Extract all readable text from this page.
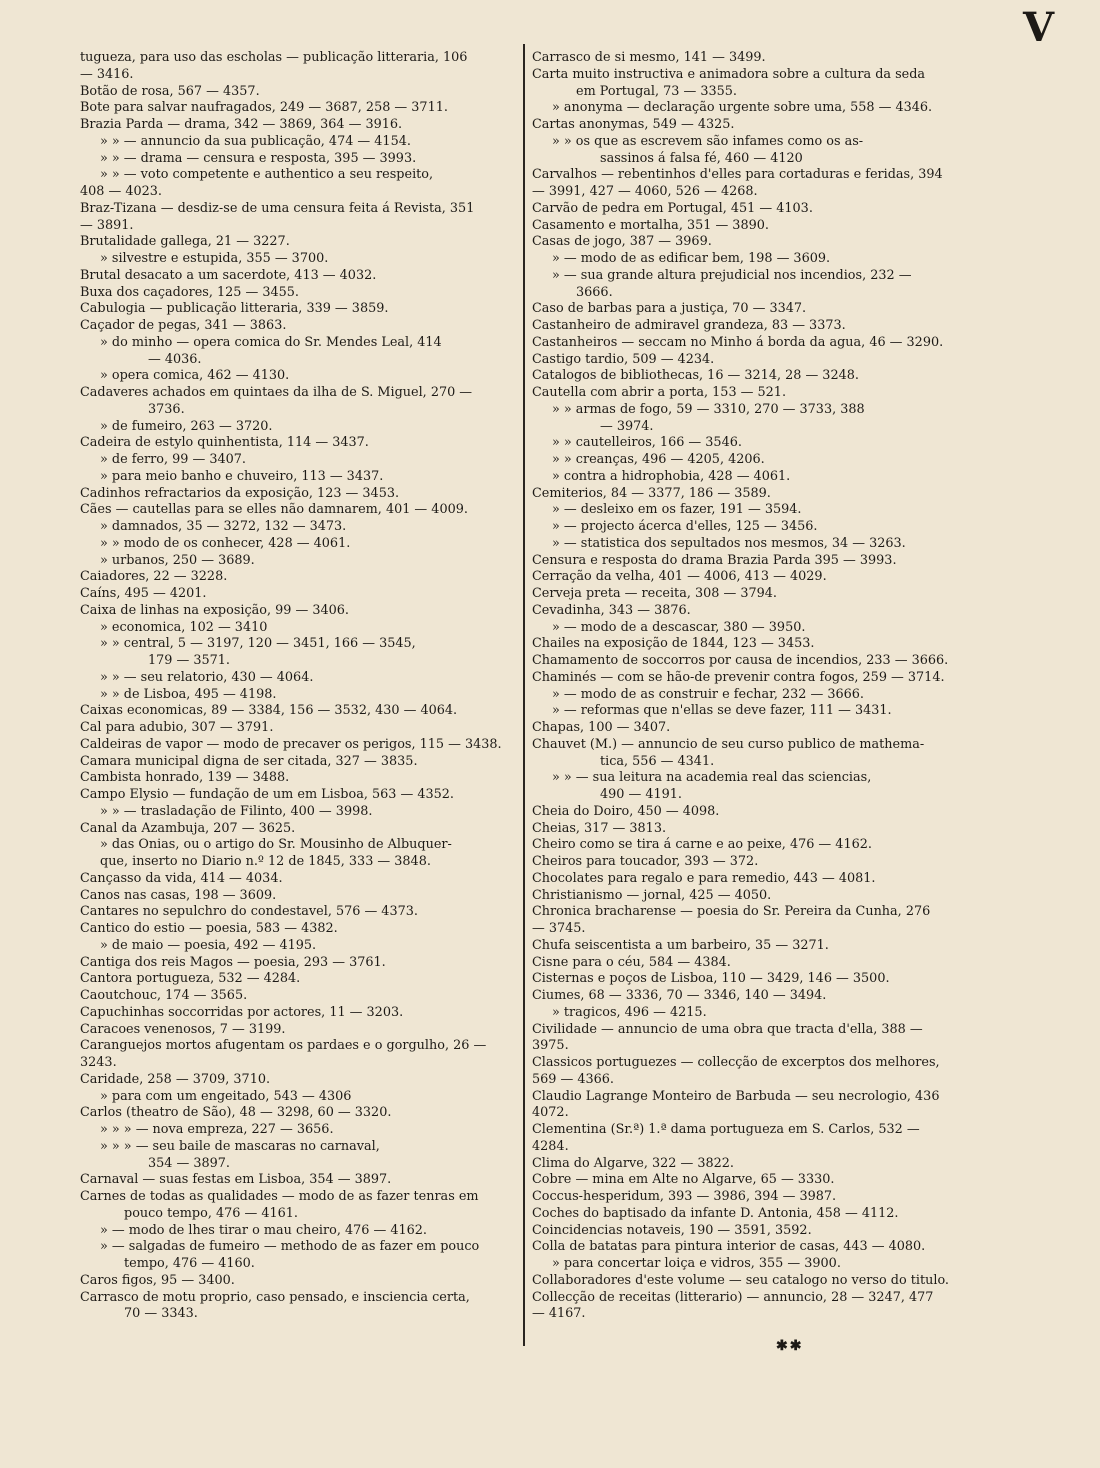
V
tugueza, para uso das escholas — publicação litteraria, 106
— 3416.
Botão de rosa, 567 — 4357.
Bote para salvar naufragados, 249 — 3687, 258 — 3711.
Brazia Parda — drama, 342 — 3869, 364 — 3916.
» » — annuncio da sua publicação, 474 — 4154.
» » — drama — censura e resposta, 395 — 3993.
» » — voto competente e authentico a seu respeito,
408 — 4023.
Braz-Tizana — desdiz-se de uma censura feita á Revista, 351
— 3891.
Brutalidade gallega, 21 — 3227.
» silvestre e estupida, 355 — 3700.
Brutal desacato a um sacerdote, 413 — 4032.
Buxa dos caçadores, 125 — 3455.
Cabulogia — publicação litteraria, 339 — 3859.
Caçador de pegas, 341 — 3863.
» do minho — opera comica do Sr. Mendes Leal, 414
— 4036.
» opera comica, 462 — 4130.
Cadaveres achados em quintaes da ilha de S. Miguel, 270 —
3736.
» de fumeiro, 263 — 3720.
Cadeira de estylo quinhentista, 114 — 3437.
» de ferro, 99 — 3407.
» para meio banho e chuveiro, 113 — 3437.
Cadinhos refractarios da exposição, 123 — 3453.
Cães — cautellas para se elles não damnarem, 401 — 4009.
» damnados, 35 — 3272, 132 — 3473.
» » modo de os conhecer, 428 — 4061.
» urbanos, 250 — 3689.
Caiadores, 22 — 3228.
Caíns, 495 — 4201.
Caixa de linhas na exposição, 99 — 3406.
» economica, 102 — 3410
» » central, 5 — 3197, 120 — 3451, 166 — 3545,
179 — 3571.
» » — seu relatorio, 430 — 4064.
» » de Lisboa, 495 — 4198.
Caixas economicas, 89 — 3384, 156 — 3532, 430 — 4064.
Cal para adubio, 307 — 3791.
Caldeiras de vapor — modo de precaver os perigos, 115 — 3438.
Camara municipal digna de ser citada, 327 — 3835.
Cambista honrado, 139 — 3488.
Campo Elysio — fundação de um em Lisboa, 563 — 4352.
» » — trasladação de Filinto, 400 — 3998.
Canal da Azambuja, 207 — 3625.
» das Onias, ou o artigo do Sr. Mousinho de Albuquer-
que, inserto no Diario n.º 12 de 1845, 333 — 3848.
Cançasso da vida, 414 — 4034.
Canos nas casas, 198 — 3609.
Cantares no sepulchro do condestavel, 576 — 4373.
Cantico do estio — poesia, 583 — 4382.
» de maio — poesia, 492 — 4195.
Cantiga dos reis Magos — poesia, 293 — 3761.
Cantora portugueza, 532 — 4284.
Caoutchouc, 174 — 3565.
Capuchinhas soccorridas por actores, 11 — 3203.
Caracoes venenosos, 7 — 3199.
Caranguejos mortos afugentam os pardaes e o gorgulho, 26 —
3243.
Caridade, 258 — 3709, 3710.
» para com um engeitado, 543 — 4306
Carlos (theatro de São), 48 — 3298, 60 — 3320.
» » » — nova empreza, 227 — 3656.
» » » — seu baile de mascaras no carnaval,
354 — 3897.
Carnaval — suas festas em Lisboa, 354 — 3897.
Carnes de todas as qualidades — modo de as fazer tenras em
pouco tempo, 476 — 4161.
» — modo de lhes tirar o mau cheiro, 476 — 4162.
» — salgadas de fumeiro — methodo de as fazer em pouco
tempo, 476 — 4160.
Caros figos, 95 — 3400.
Carrasco de motu proprio, caso pensado, e insciencia certa,
70 — 3343.
Carrasco de si mesmo, 141 — 3499.
Carta muito instructiva e animadora sobre a cultura da seda
em Portugal, 73 — 3355.
» anonyma — declaração urgente sobre uma, 558 — 4346.
Cartas anonymas, 549 — 4325.
» » os que as escrevem são infames como os as-
sassinos á falsa fé, 460 — 4120
Carvalhos — rebentinhos d'elles para cortaduras e feridas, 394
— 3991, 427 — 4060, 526 — 4268.
Carvão de pedra em Portugal, 451 — 4103.
Casamento e mortalha, 351 — 3890.
Casas de jogo, 387 — 3969.
» — modo de as edificar bem, 198 — 3609.
» — sua grande altura prejudicial nos incendios, 232 —
3666.
Caso de barbas para a justiça, 70 — 3347.
Castanheiro de admiravel grandeza, 83 — 3373.
Castanheiros — seccam no Minho á borda da agua, 46 — 3290.
Castigo tardio, 509 — 4234.
Catalogos de bibliothecas, 16 — 3214, 28 — 3248.
Cautella com abrir a porta, 153 — 521.
» » armas de fogo, 59 — 3310, 270 — 3733, 388
— 3974.
» » cautelleiros, 166 — 3546.
» » creanças, 496 — 4205, 4206.
» contra a hidrophobia, 428 — 4061.
Cemiterios, 84 — 3377, 186 — 3589.
» — desleixo em os fazer, 191 — 3594.
» — projecto ácerca d'elles, 125 — 3456.
» — statistica dos sepultados nos mesmos, 34 — 3263.
Censura e resposta do drama Brazia Parda 395 — 3993.
Cerração da velha, 401 — 4006, 413 — 4029.
Cerveja preta — receita, 308 — 3794.
Cevadinha, 343 — 3876.
» — modo de a descascar, 380 — 3950.
Chailes na exposição de 1844, 123 — 3453.
Chamamento de soccorros por causa de incendios, 233 — 3666.
Chaminés — com se hão-de prevenir contra fogos, 259 — 3714.
» — modo de as construir e fechar, 232 — 3666.
» — reformas que n'ellas se deve fazer, 111 — 3431.
Chapas, 100 — 3407.
Chauvet (M.) — annuncio de seu curso publico de mathema-
tica, 556 — 4341.
» » — sua leitura na academia real das sciencias,
490 — 4191.
Cheia do Doiro, 450 — 4098.
Cheias, 317 — 3813.
Cheiro como se tira á carne e ao peixe, 476 — 4162.
Cheiros para toucador, 393 — 372.
Chocolates para regalo e para remedio, 443 — 4081.
Christianismo — jornal, 425 — 4050.
Chronica bracharense — poesia do Sr. Pereira da Cunha, 276
— 3745.
Chufa seiscentista a um barbeiro, 35 — 3271.
Cisne para o céu, 584 — 4384.
Cisternas e poços de Lisboa, 110 — 3429, 146 — 3500.
Ciumes, 68 — 3336, 70 — 3346, 140 — 3494.
» tragicos, 496 — 4215.
Civilidade — annuncio de uma obra que tracta d'ella, 388 —
3975.
Classicos portuguezes — collecção de excerptos dos melhores,
569 — 4366.
Claudio Lagrange Monteiro de Barbuda — seu necrologio, 436
4072.
Clementina (Sr.ª) 1.ª dama portugueza em S. Carlos, 532 —
4284.
Clima do Algarve, 322 — 3822.
Cobre — mina em Alte no Algarve, 65 — 3330.
Coccus-hesperidum, 393 — 3986, 394 — 3987.
Coches do baptisado da infante D. Antonia, 458 — 4112.
Coincidencias notaveis, 190 — 3591, 3592.
Colla de batatas para pintura interior de casas, 443 — 4080.
» para concertar loiça e vidros, 355 — 3900.
Collaboradores d'este volume — seu catalogo no verso do titulo.
Collecção de receitas (litterario) — annuncio, 28 — 3247, 477
— 4167.
✱✱
